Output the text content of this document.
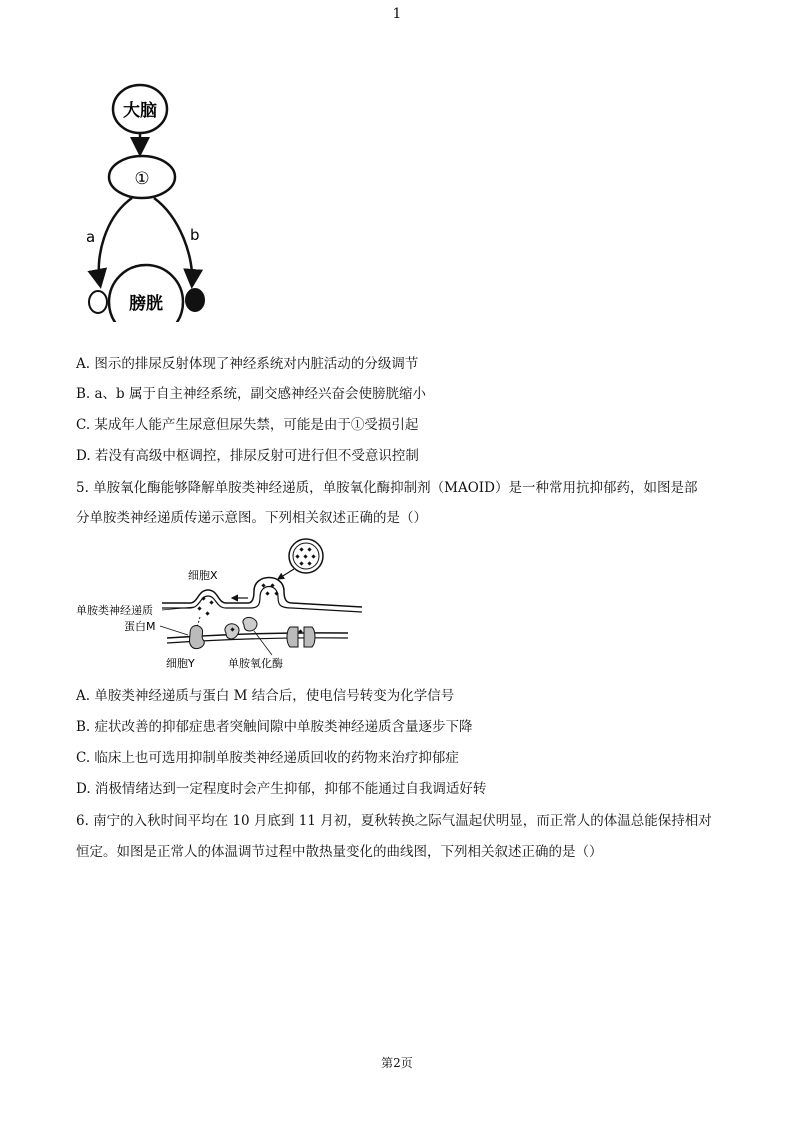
1
大脑
①
a	b
膀胱
A. 图示的排尿反射体现了神经系统对内脏活动的分级调节
B. a、b 属于自主神经系统，副交感神经兴奋会使膀胱缩小
C. 某成年人能产生尿意但尿失禁，可能是由于①受损引起
D. 若没有高级中枢调控，排尿反射可进行但不受意识控制
5. 单胺氧化酶能够降解单胺类神经递质，单胺氧化酶抑制剂（MAOID）是一种常用抗抑郁药，如图是部
分单胺类神经递质传递示意图。下列相关叙述正确的是（）
细胞X
单胺类神经递质
蛋白M
细胞Y	单胺氧化酶
A. 单胺类神经递质与蛋白 M 结合后，使电信号转变为化学信号
B. 症状改善的抑郁症患者突触间隙中单胺类神经递质含量逐步下降
C. 临床上也可选用抑制单胺类神经递质回收的药物来治疗抑郁症
D. 消极情绪达到一定程度时会产生抑郁，抑郁不能通过自我调适好转
6. 南宁的入秋时间平均在 10 月底到 11 月初，夏秋转换之际气温起伏明显，而正常人的体温总能保持相对
恒定。如图是正常人的体温调节过程中散热量变化的曲线图，下列相关叙述正确的是（）
第2页
